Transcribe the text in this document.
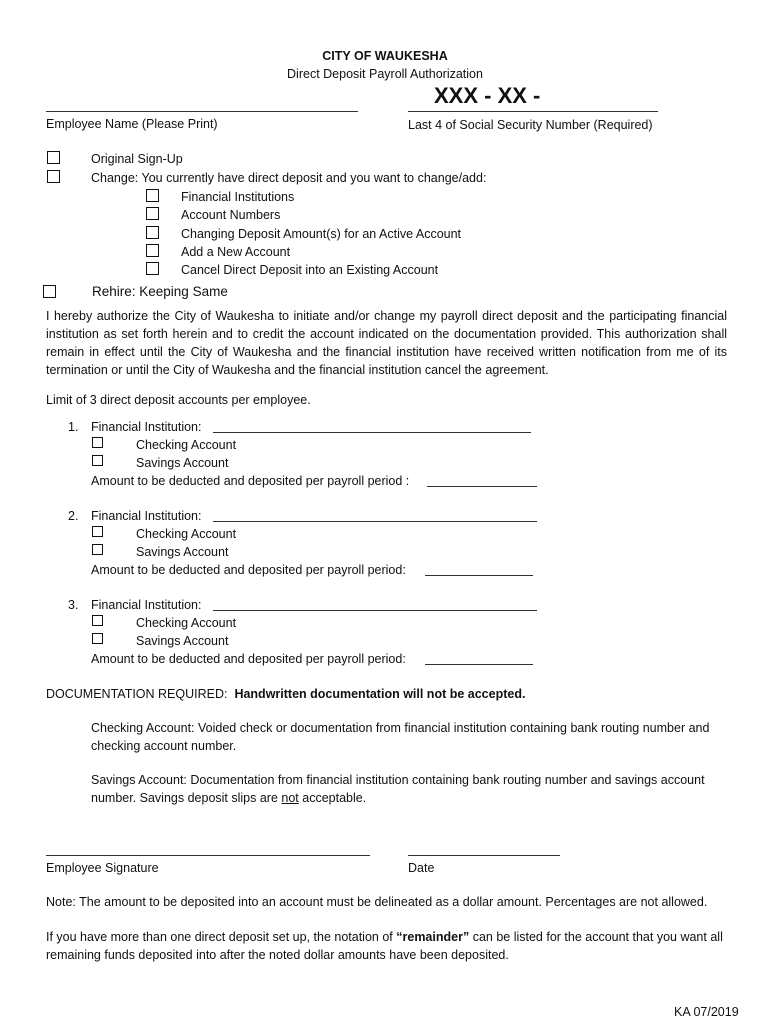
CITY OF WAUKESHA
Direct Deposit Payroll Authorization
XXX - XX -
Employee Name (Please Print)	Last 4 of Social Security Number (Required)
Original Sign-Up
Change: You currently have direct deposit and you want to change/add:
Financial Institutions
Account Numbers
Changing Deposit Amount(s) for an Active Account
Add a New Account
Cancel Direct Deposit into an Existing Account
Rehire: Keeping Same
I hereby authorize the City of Waukesha to initiate and/or change my payroll direct deposit and the participating financial institution as set forth herein and to credit the account indicated on the documentation provided. This authorization shall remain in effect until the City of Waukesha and the financial institution have received written notification from me of its termination or until the City of Waukesha and the financial institution cancel the agreement.
Limit of 3 direct deposit accounts per employee.
1. Financial Institution:
Checking Account
Savings Account
Amount to be deducted and deposited per payroll period :
2. Financial Institution:
Checking Account
Savings Account
Amount to be deducted and deposited per payroll period:
3. Financial Institution:
Checking Account
Savings Account
Amount to be deducted and deposited per payroll period:
DOCUMENTATION REQUIRED: Handwritten documentation will not be accepted.
Checking Account: Voided check or documentation from financial institution containing bank routing number and checking account number.
Savings Account: Documentation from financial institution containing bank routing number and savings account number. Savings deposit slips are not acceptable.
Employee Signature	Date
Note: The amount to be deposited into an account must be delineated as a dollar amount. Percentages are not allowed.
If you have more than one direct deposit set up, the notation of “remainder” can be listed for the account that you want all remaining funds deposited into after the noted dollar amounts have been deposited.
KA 07/2019
